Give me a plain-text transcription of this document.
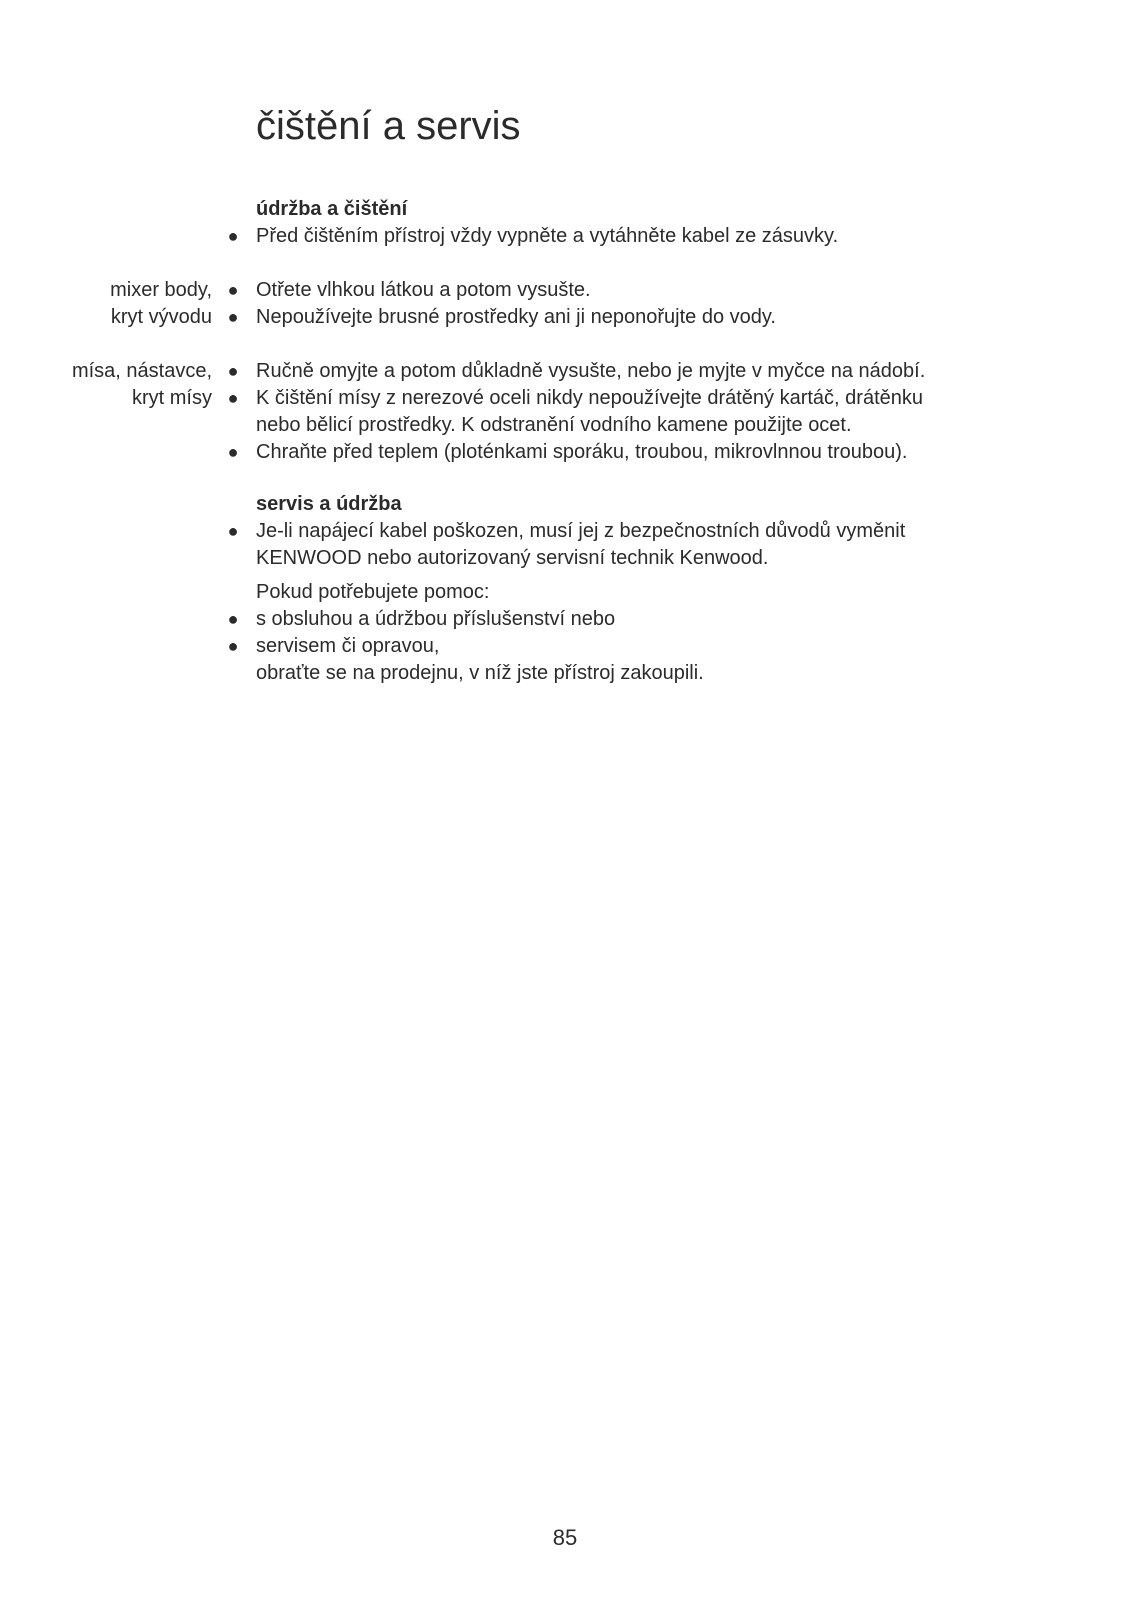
čištění a servis
údržba a čištění
● Před čištěním přístroj vždy vypněte a vytáhněte kabel ze zásuvky.
mixer body, ● Otřete vlhkou látkou a potom vysušte.
kryt vývodu ● Nepoužívejte brusné prostředky ani ji neponořujte do vody.
mísa, nástavce, ● Ručně omyjte a potom důkladně vysušte, nebo je myjte v myčce na nádobí.
kryt mísy ● K čištění mísy z nerezové oceli nikdy nepoužívejte drátěný kartáč, drátěnku
nebo bělicí prostředky. K odstranění vodního kamene použijte ocet.
● Chraňte před teplem (ploténkami sporáku, troubou, mikrovlnnou troubou).
servis a údržba
● Je-li napájecí kabel poškozen, musí jej z bezpečnostních důvodů vyměnit
KENWOOD nebo autorizovaný servisní technik Kenwood.
Pokud potřebujete pomoc:
● s obsluhou a údržbou příslušenství nebo
● servisem či opravou,
obraťte se na prodejnu, v níž jste přístroj zakoupili.
85
